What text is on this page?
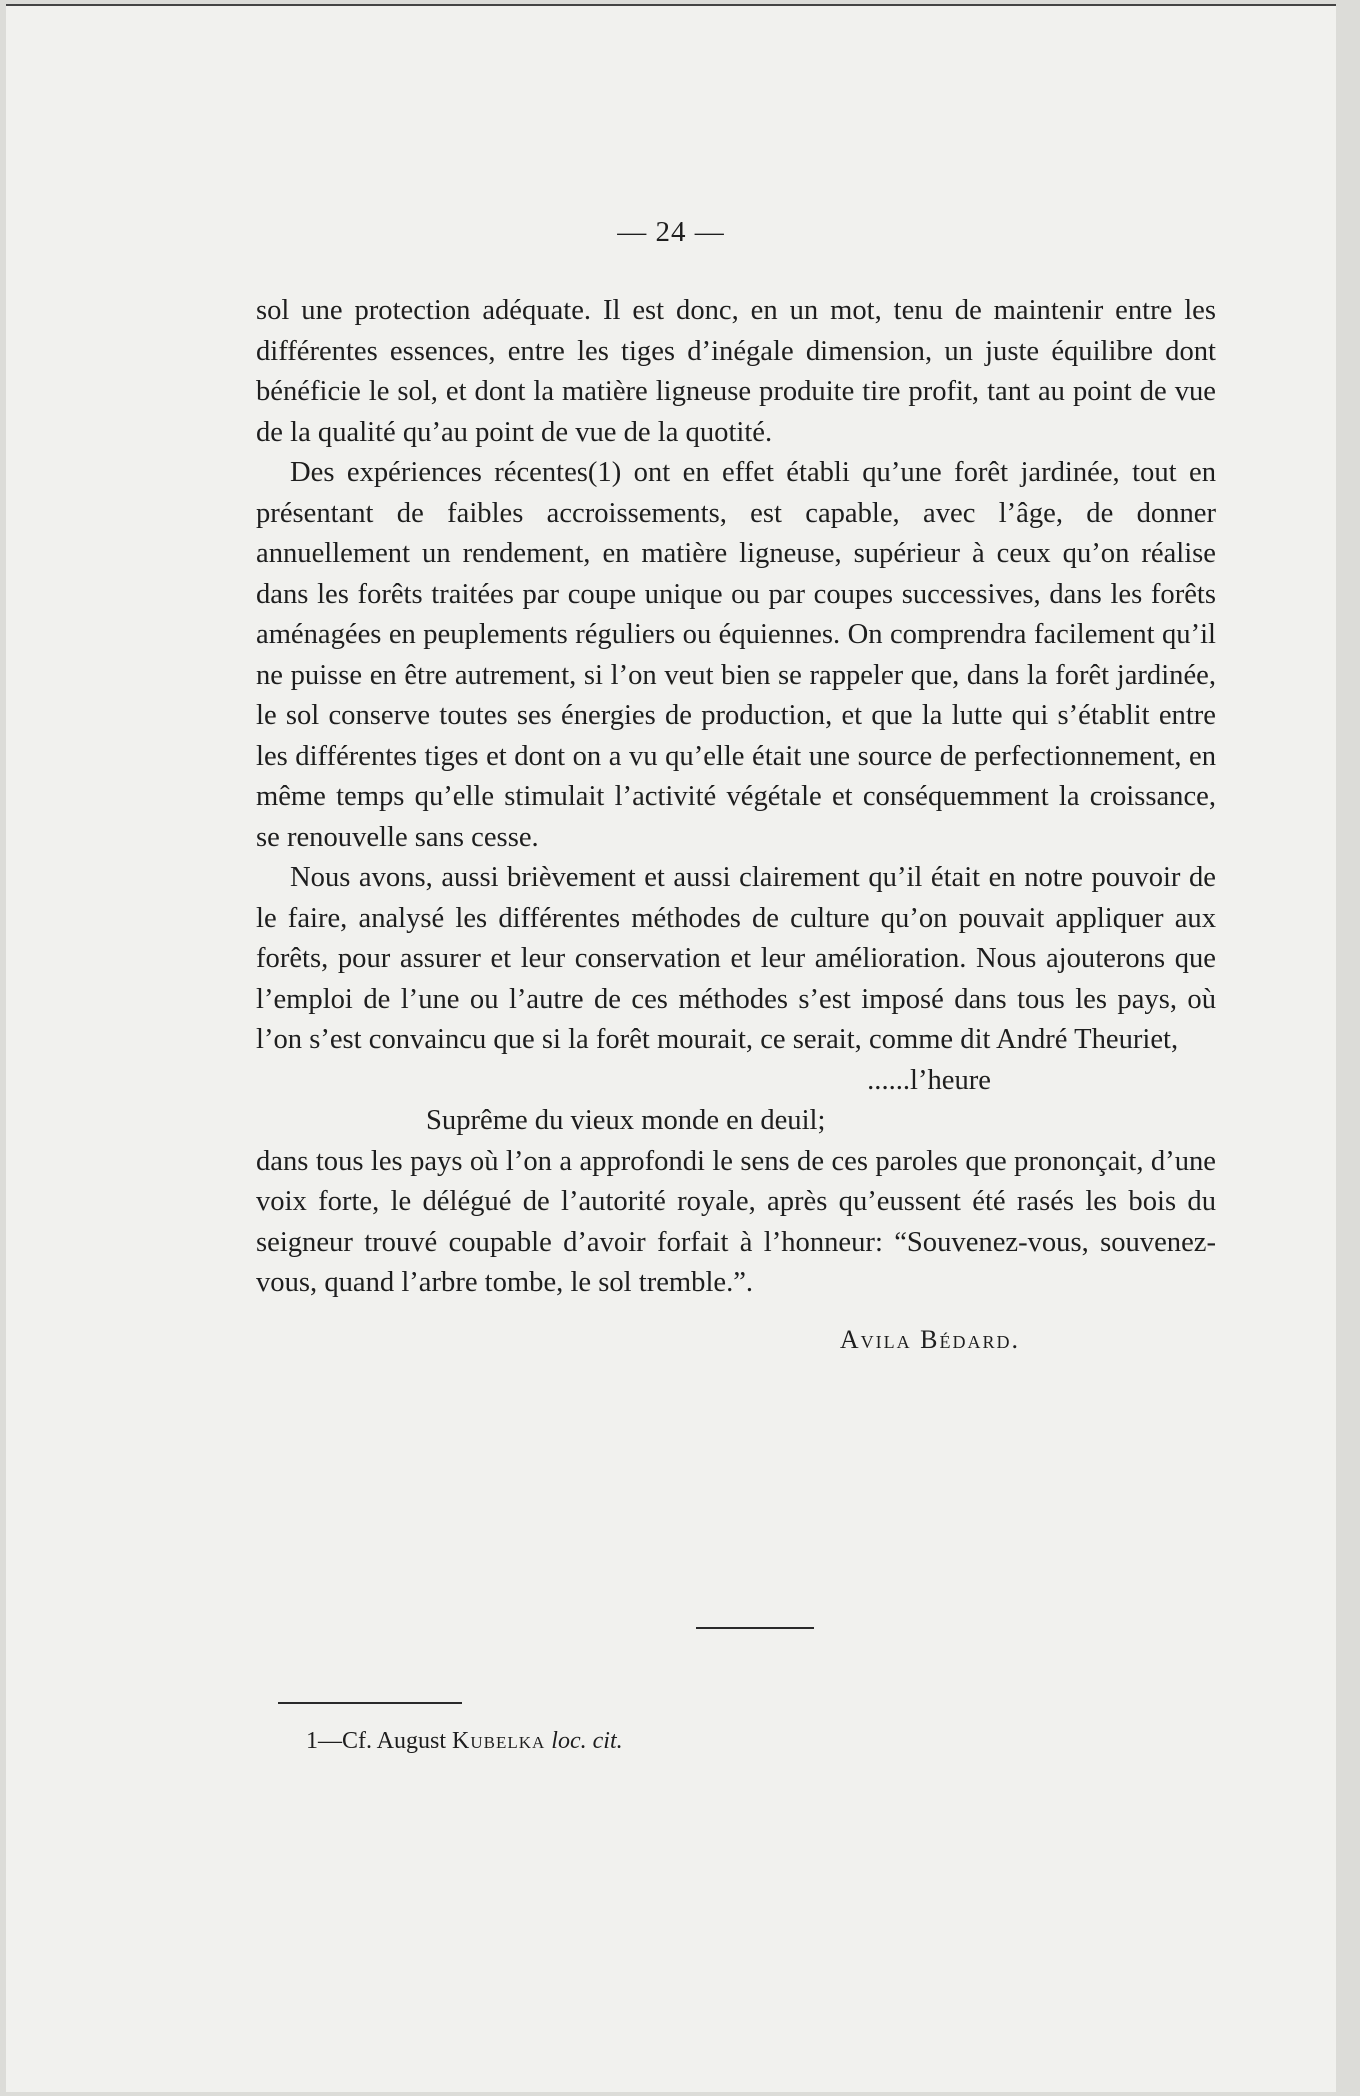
— 24 —

sol une protection adéquate. Il est donc, en un mot, tenu de maintenir entre les différentes essences, entre les tiges d’inégale dimension, un juste équilibre dont bénéficie le sol, et dont la matière ligneuse produite tire profit, tant au point de vue de la qualité qu’au point de vue de la quotité.

Des expériences récentes(1) ont en effet établi qu’une forêt jardinée, tout en présentant de faibles accroissements, est capable, avec l’âge, de donner annuellement un rendement, en matière ligneuse, supérieur à ceux qu’on réalise dans les forêts traitées par coupe unique ou par coupes successives, dans les forêts aménagées en peuplements réguliers ou équiennes. On comprendra facilement qu’il ne puisse en être autrement, si l’on veut bien se rappeler que, dans la forêt jardinée, le sol conserve toutes ses énergies de production, et que la lutte qui s’établit entre les différentes tiges et dont on a vu qu’elle était une source de perfectionnement, en même temps qu’elle stimulait l’activité végétale et conséquemment la croissance, se renouvelle sans cesse.

Nous avons, aussi brièvement et aussi clairement qu’il était en notre pouvoir de le faire, analysé les différentes méthodes de culture qu’on pouvait appliquer aux forêts, pour assurer et leur conservation et leur amélioration. Nous ajouterons que l’emploi de l’une ou l’autre de ces méthodes s’est imposé dans tous les pays, où l’on s’est convaincu que si la forêt mourait, ce serait, comme dit André Theuriet,

......l’heure

Suprême du vieux monde en deuil;

dans tous les pays où l’on a approfondi le sens de ces paroles que prononçait, d’une voix forte, le délégué de l’autorité royale, après qu’eussent été rasés les bois du seigneur trouvé coupable d’avoir forfait à l’honneur: “Souvenez-vous, souvenez-vous, quand l’arbre tombe, le sol tremble.”.

Avila Bédard.
1—Cf. August Kubelka loc. cit.
